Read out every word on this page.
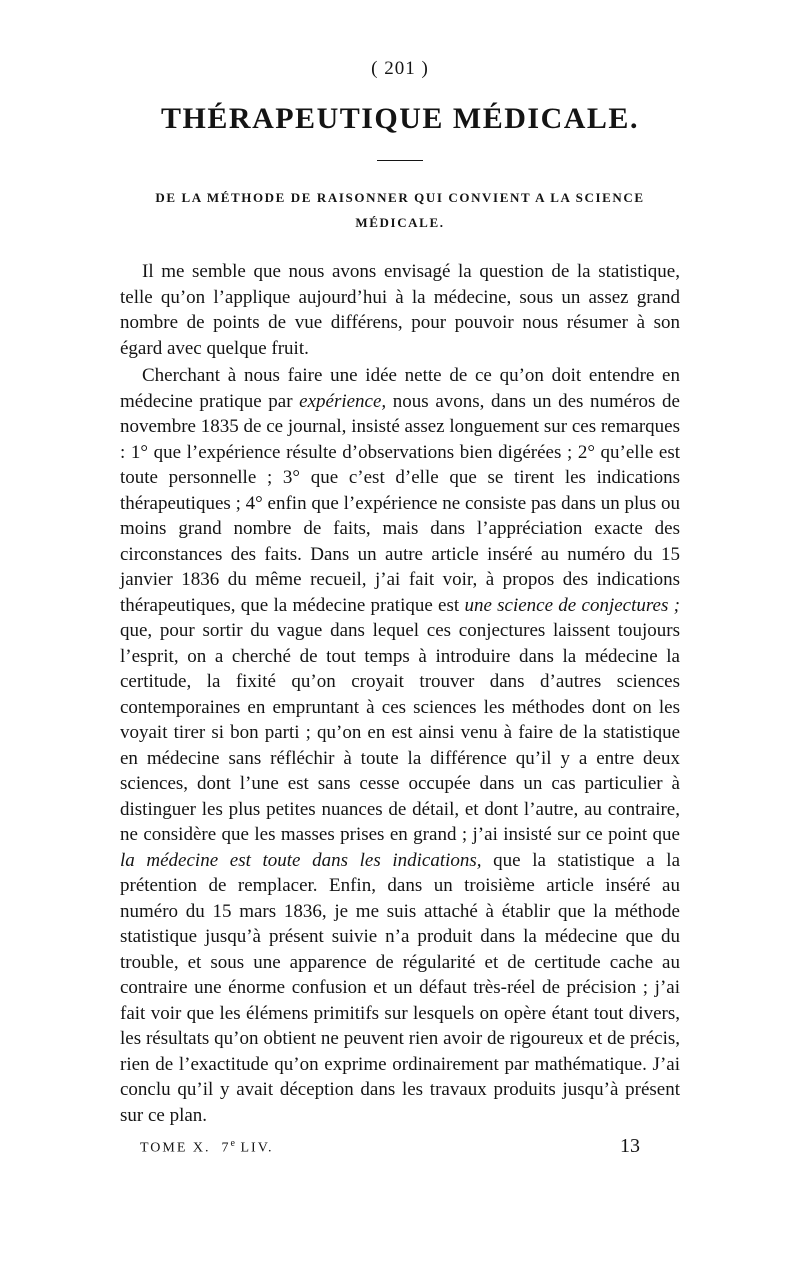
( 201 )
THÉRAPEUTIQUE MÉDICALE.
DE LA MÉTHODE DE RAISONNER QUI CONVIENT A LA SCIENCE
MÉDICALE.

Il me semble que nous avons envisagé la question de la statistique, telle qu’on l’applique aujourd’hui à la médecine, sous un assez grand nombre de points de vue différens, pour pouvoir nous résumer à son égard avec quelque fruit.

Cherchant à nous faire une idée nette de ce qu’on doit entendre en médecine pratique par expérience, nous avons, dans un des numéros de novembre 1835 de ce journal, insisté assez longuement sur ces remarques : 1° que l’expérience résulte d’observations bien digérées ; 2° qu’elle est toute personnelle ; 3° que c’est d’elle que se tirent les indications thérapeutiques ; 4° enfin que l’expérience ne consiste pas dans un plus ou moins grand nombre de faits, mais dans l’appréciation exacte des circonstances des faits. Dans un autre article inséré au numéro du 15 janvier 1836 du même recueil, j’ai fait voir, à propos des indications thérapeutiques, que la médecine pratique est une science de conjectures ; que, pour sortir du vague dans lequel ces conjectures laissent toujours l’esprit, on a cherché de tout temps à introduire dans la médecine la certitude, la fixité qu’on croyait trouver dans d’autres sciences contemporaines en empruntant à ces sciences les méthodes dont on les voyait tirer si bon parti ; qu’on en est ainsi venu à faire de la statistique en médecine sans réfléchir à toute la différence qu’il y a entre deux sciences, dont l’une est sans cesse occupée dans un cas particulier à distinguer les plus petites nuances de détail, et dont l’autre, au contraire, ne considère que les masses prises en grand ; j’ai insisté sur ce point que la médecine est toute dans les indications, que la statistique a la prétention de remplacer. Enfin, dans un troisième article inséré au numéro du 15 mars 1836, je me suis attaché à établir que la méthode statistique jusqu’à présent suivie n’a produit dans la médecine que du trouble, et sous une apparence de régularité et de certitude cache au contraire une énorme confusion et un défaut très-réel de précision ; j’ai fait voir que les élémens primitifs sur lesquels on opère étant tout divers, les résultats qu’on obtient ne peuvent rien avoir de rigoureux et de précis, rien de l’exactitude qu’on exprime ordinairement par mathématique. J’ai conclu qu’il y avait déception dans les travaux produits jusqu’à présent sur ce plan.

TOME X. 7e LIV.	13
